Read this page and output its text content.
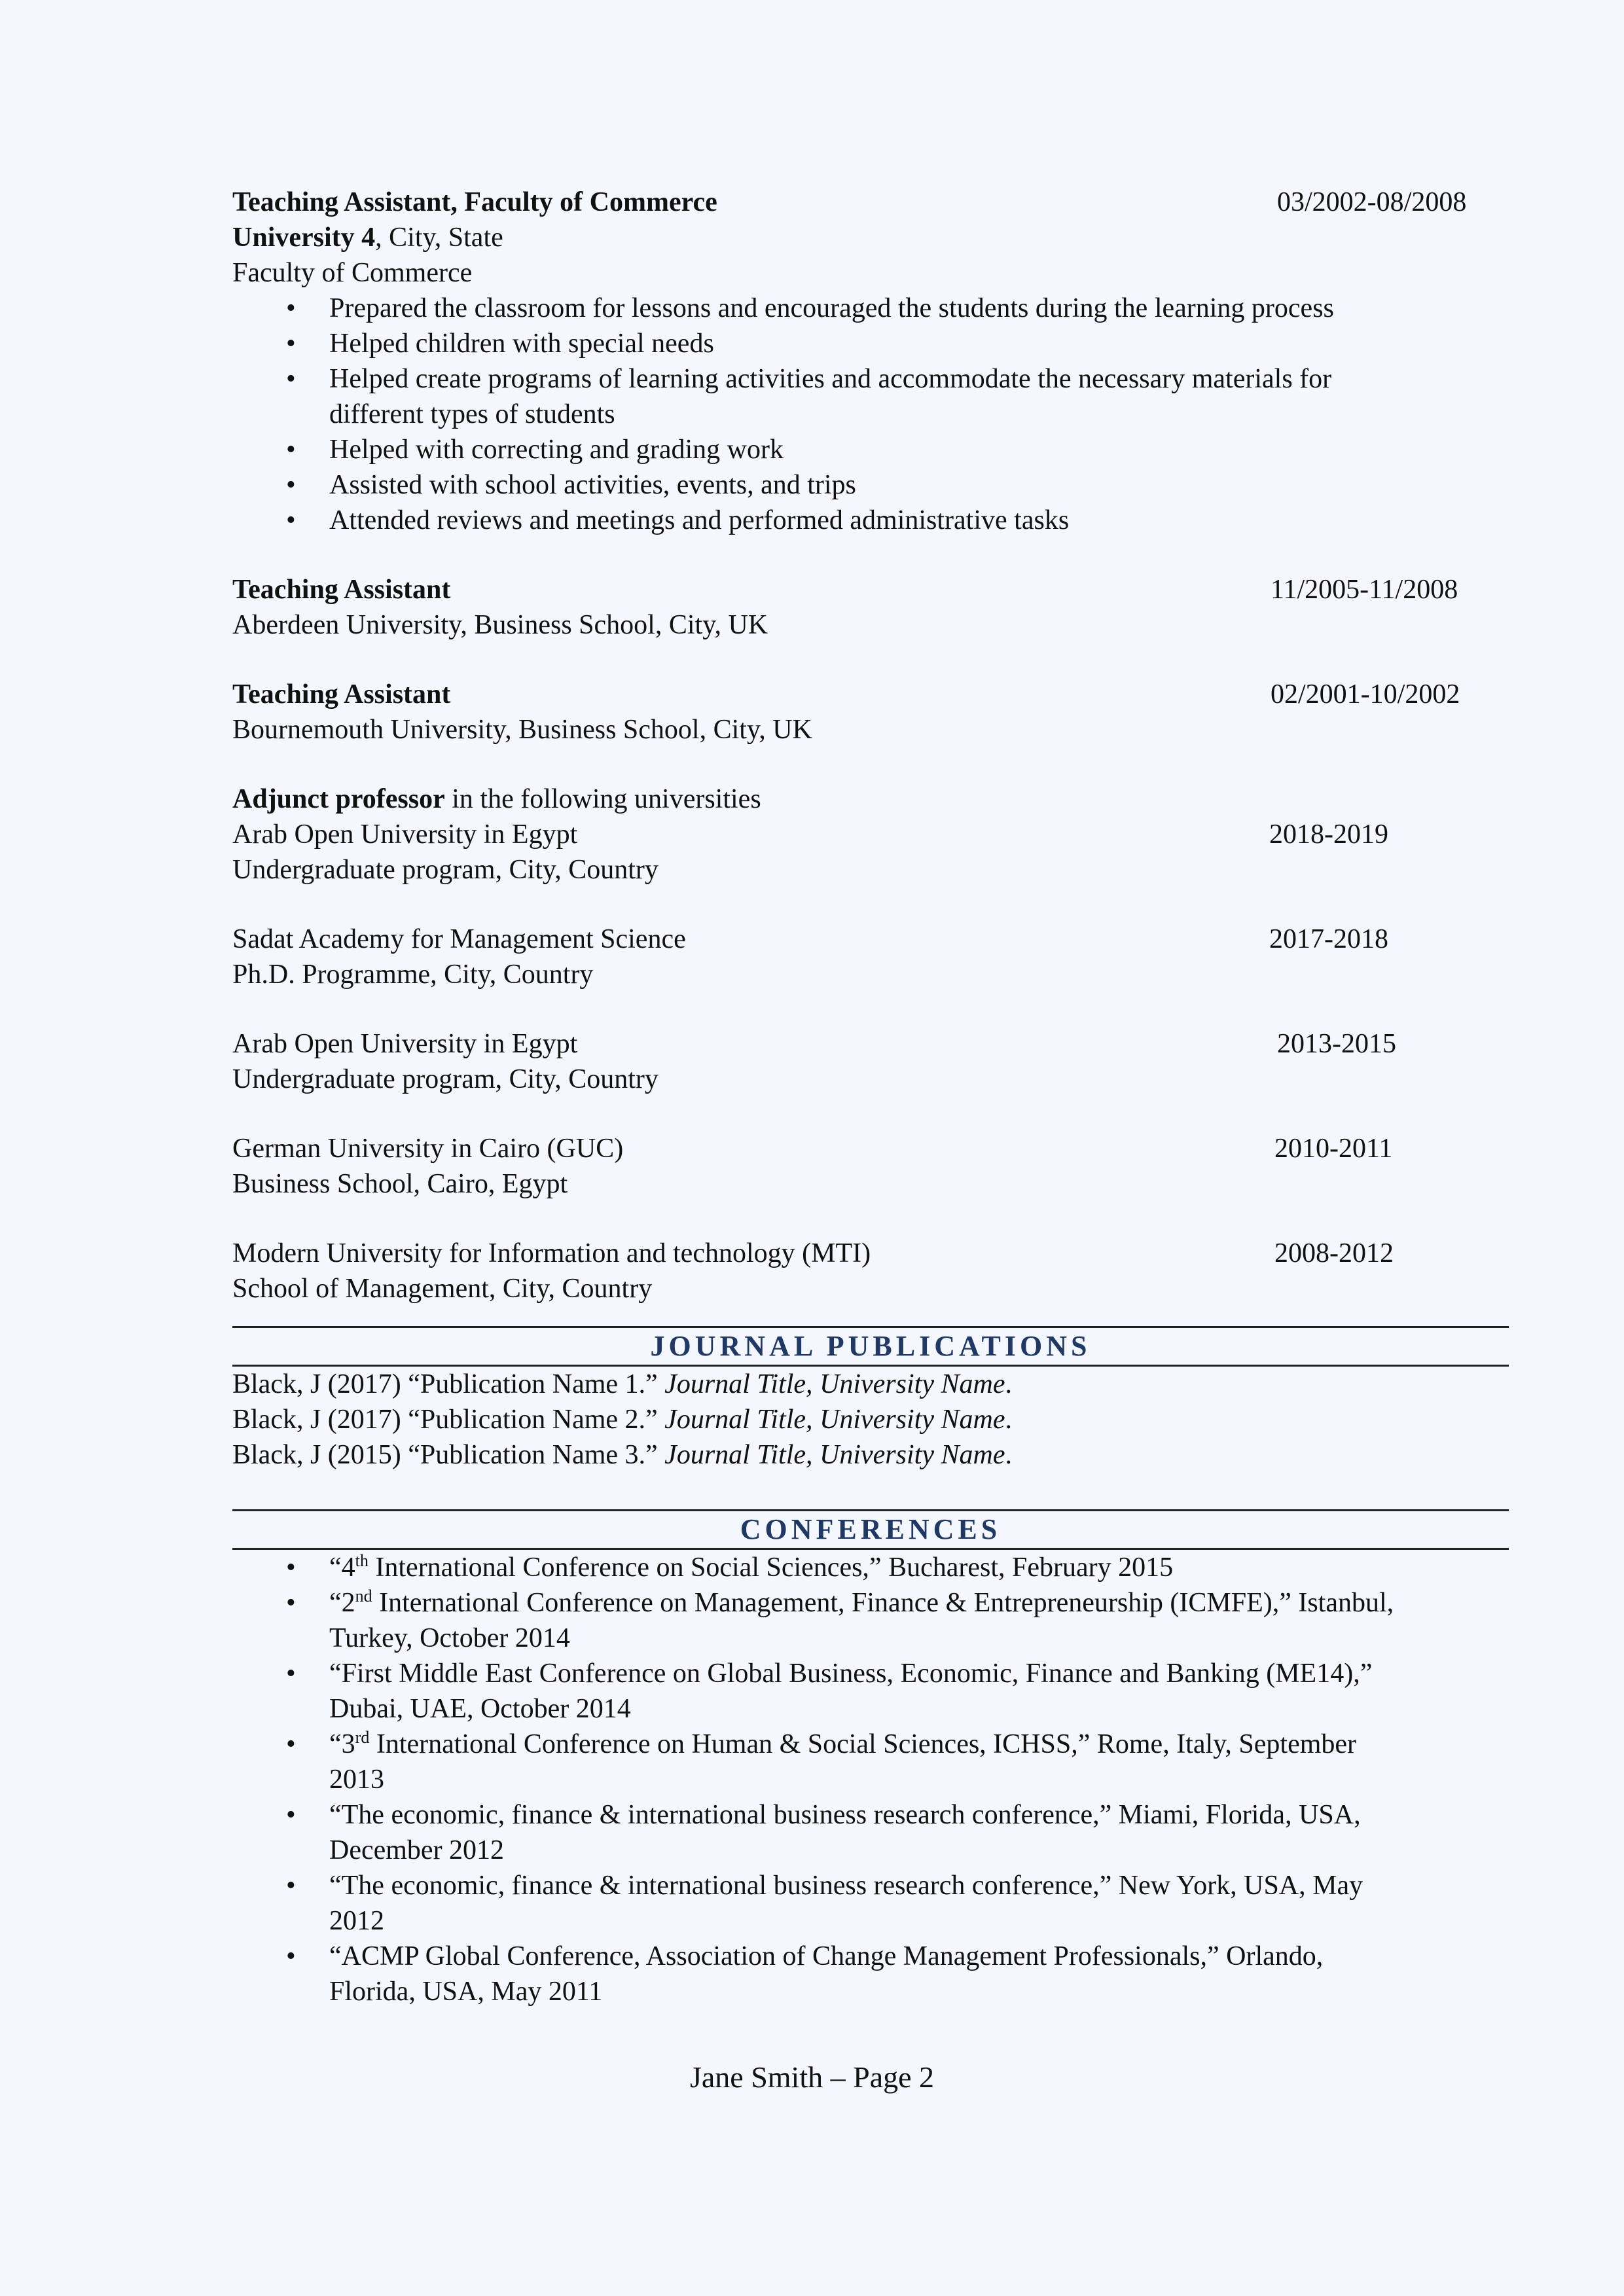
Teaching Assistant, Faculty of Commerce	03/2002-08/2008
University 4, City, State
Faculty of Commerce
• Prepared the classroom for lessons and encouraged the students during the learning process
• Helped children with special needs
• Helped create programs of learning activities and accommodate the necessary materials for
different types of students
• Helped with correcting and grading work
• Assisted with school activities, events, and trips
• Attended reviews and meetings and performed administrative tasks
Teaching Assistant	11/2005-11/2008
Aberdeen University, Business School, City, UK
Teaching Assistant	02/2001-10/2002
Bournemouth University, Business School, City, UK
Adjunct professor in the following universities
Arab Open University in Egypt	2018-2019
Undergraduate program, City, Country
Sadat Academy for Management Science	2017-2018
Ph.D. Programme, City, Country
Arab Open University in Egypt	2013-2015
Undergraduate program, City, Country
German University in Cairo (GUC)	2010-2011
Business School, Cairo, Egypt
Modern University for Information and technology (MTI)	2008-2012
School of Management, City, Country
JOURNAL PUBLICATIONS
Black, J (2017) “Publication Name 1.” Journal Title, University Name.
Black, J (2017) “Publication Name 2.” Journal Title, University Name.
Black, J (2015) “Publication Name 3.” Journal Title, University Name.
CONFERENCES
• “4th International Conference on Social Sciences,” Bucharest, February 2015
• “2nd International Conference on Management, Finance & Entrepreneurship (ICMFE),” Istanbul,
Turkey, October 2014
• “First Middle East Conference on Global Business, Economic, Finance and Banking (ME14),”
Dubai, UAE, October 2014
• “3rd International Conference on Human & Social Sciences, ICHSS,” Rome, Italy, September
2013
• “The economic, finance & international business research conference,” Miami, Florida, USA,
December 2012
• “The economic, finance & international business research conference,” New York, USA, May
2012
• “ACMP Global Conference, Association of Change Management Professionals,” Orlando,
Florida, USA, May 2011
Jane Smith – Page 2
